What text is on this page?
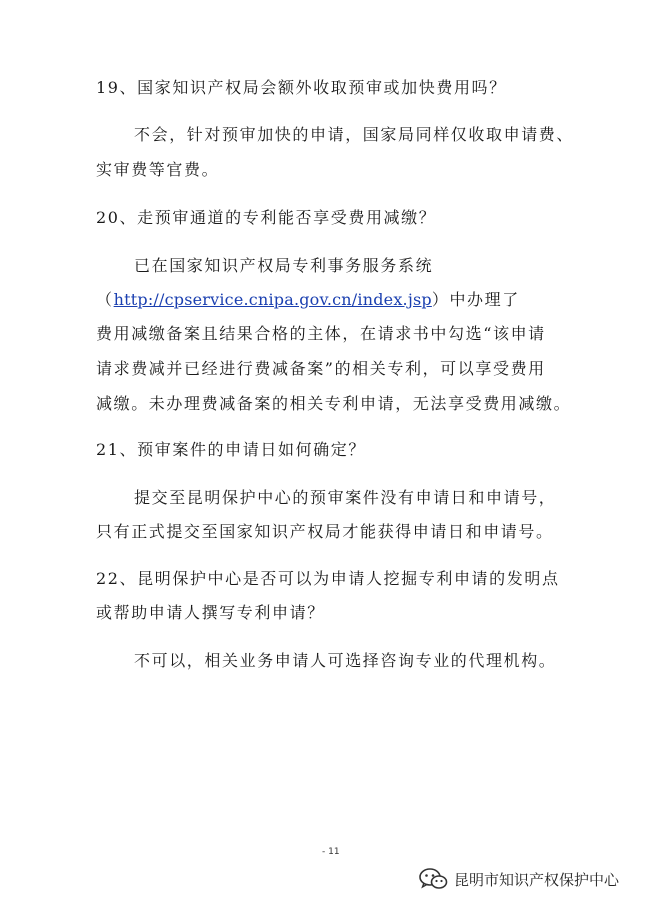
19、国家知识产权局会额外收取预审或加快费用吗？
不会，针对预审加快的申请，国家局同样仅收取申请费、
实审费等官费。
20、走预审通道的专利能否享受费用减缴？
已在国家知识产权局专利事务服务系统
（http://cpservice.cnipa.gov.cn/index.jsp）中办理了
费用减缴备案且结果合格的主体，在请求书中勾选“该申请
请求费减并已经进行费减备案”的相关专利，可以享受费用
减缴。未办理费减备案的相关专利申请，无法享受费用减缴。
21、预审案件的申请日如何确定？
提交至昆明保护中心的预审案件没有申请日和申请号，
只有正式提交至国家知识产权局才能获得申请日和申请号。
22、昆明保护中心是否可以为申请人挖掘专利申请的发明点
或帮助申请人撰写专利申请？
不可以，相关业务申请人可选择咨询专业的代理机构。
- 11
昆明市知识产权保护中心
